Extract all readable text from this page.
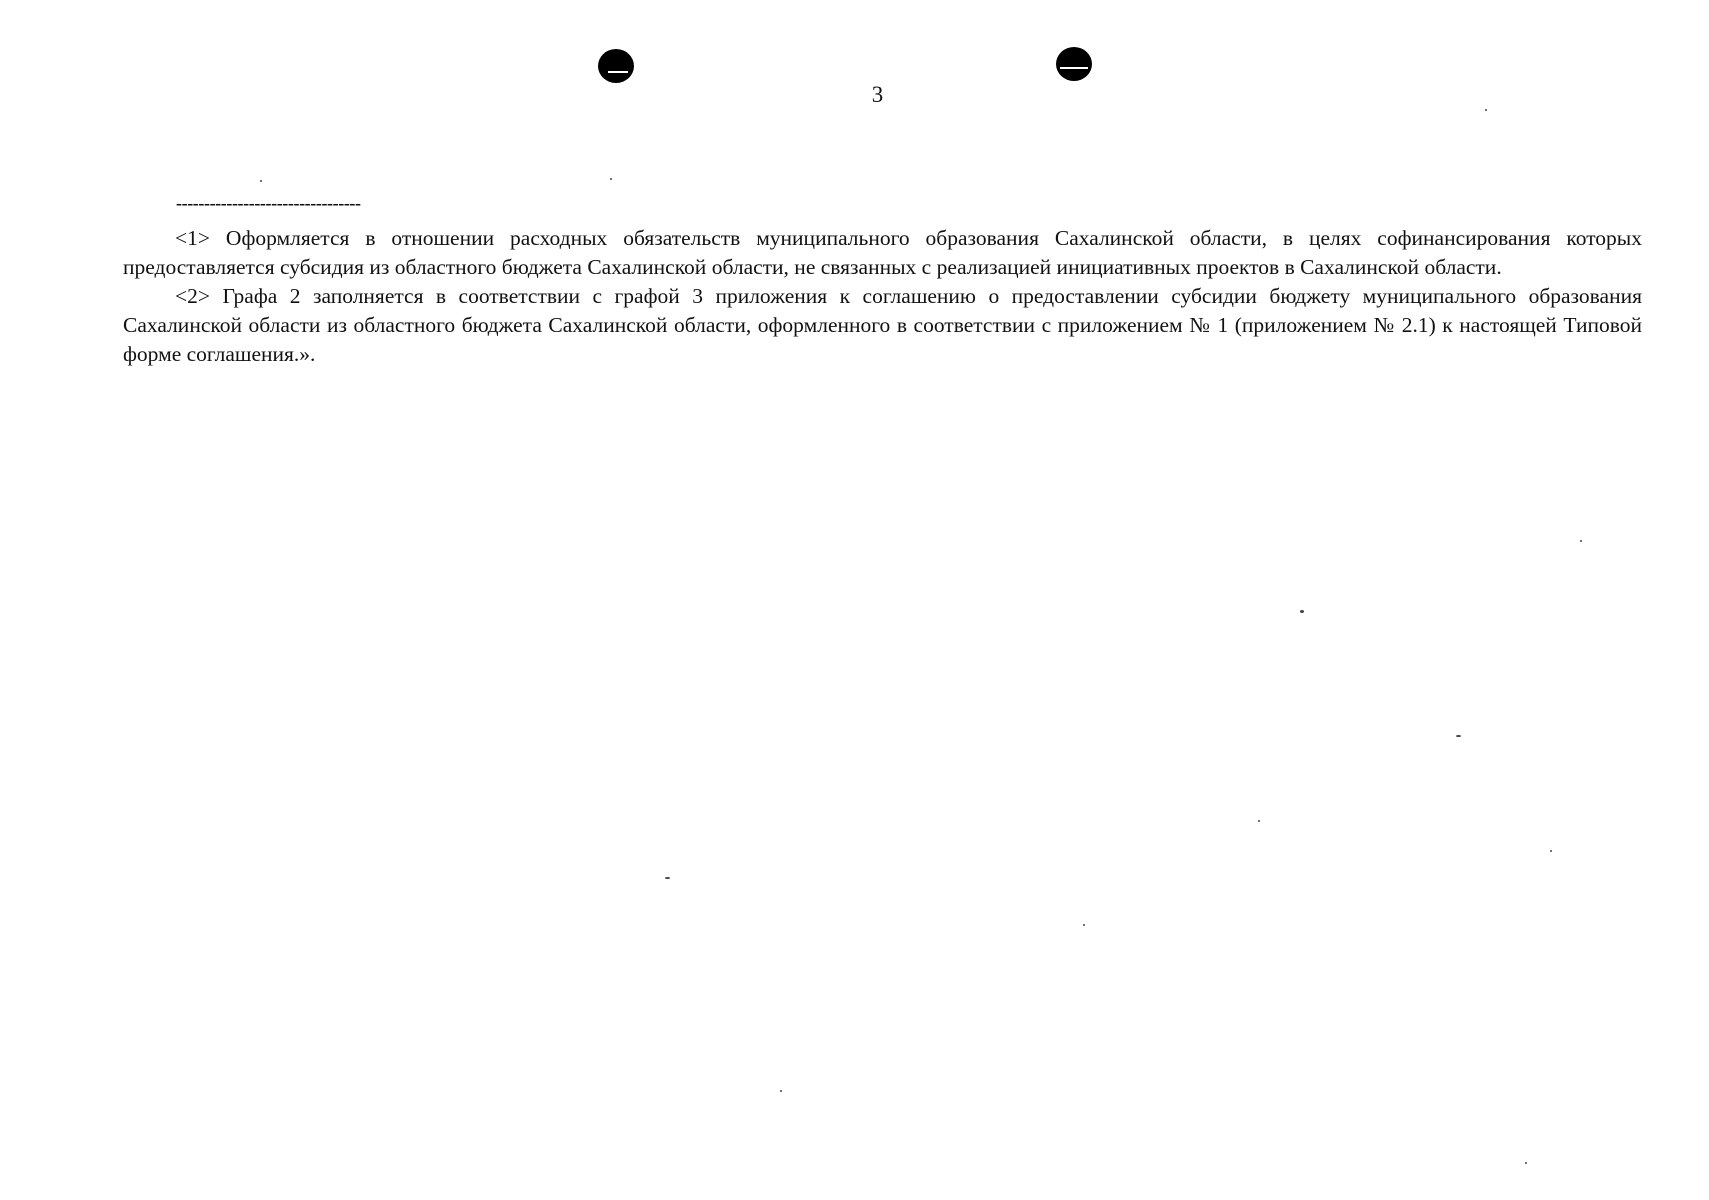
3
---------------------------------

<1> Оформляется в отношении расходных обязательств муниципального образования Сахалинской области, в целях софинансирования которых предоставляется субсидия из областного бюджета Сахалинской области, не связанных с реализацией инициативных проектов в Сахалинской области.

<2> Графа 2 заполняется в соответствии с графой 3 приложения к соглашению о предоставлении субсидии бюджету муниципального образования Сахалинской области из областного бюджета Сахалинской области, оформленного в соответствии с приложением № 1 (приложением № 2.1) к настоящей Типовой форме соглашения.».
